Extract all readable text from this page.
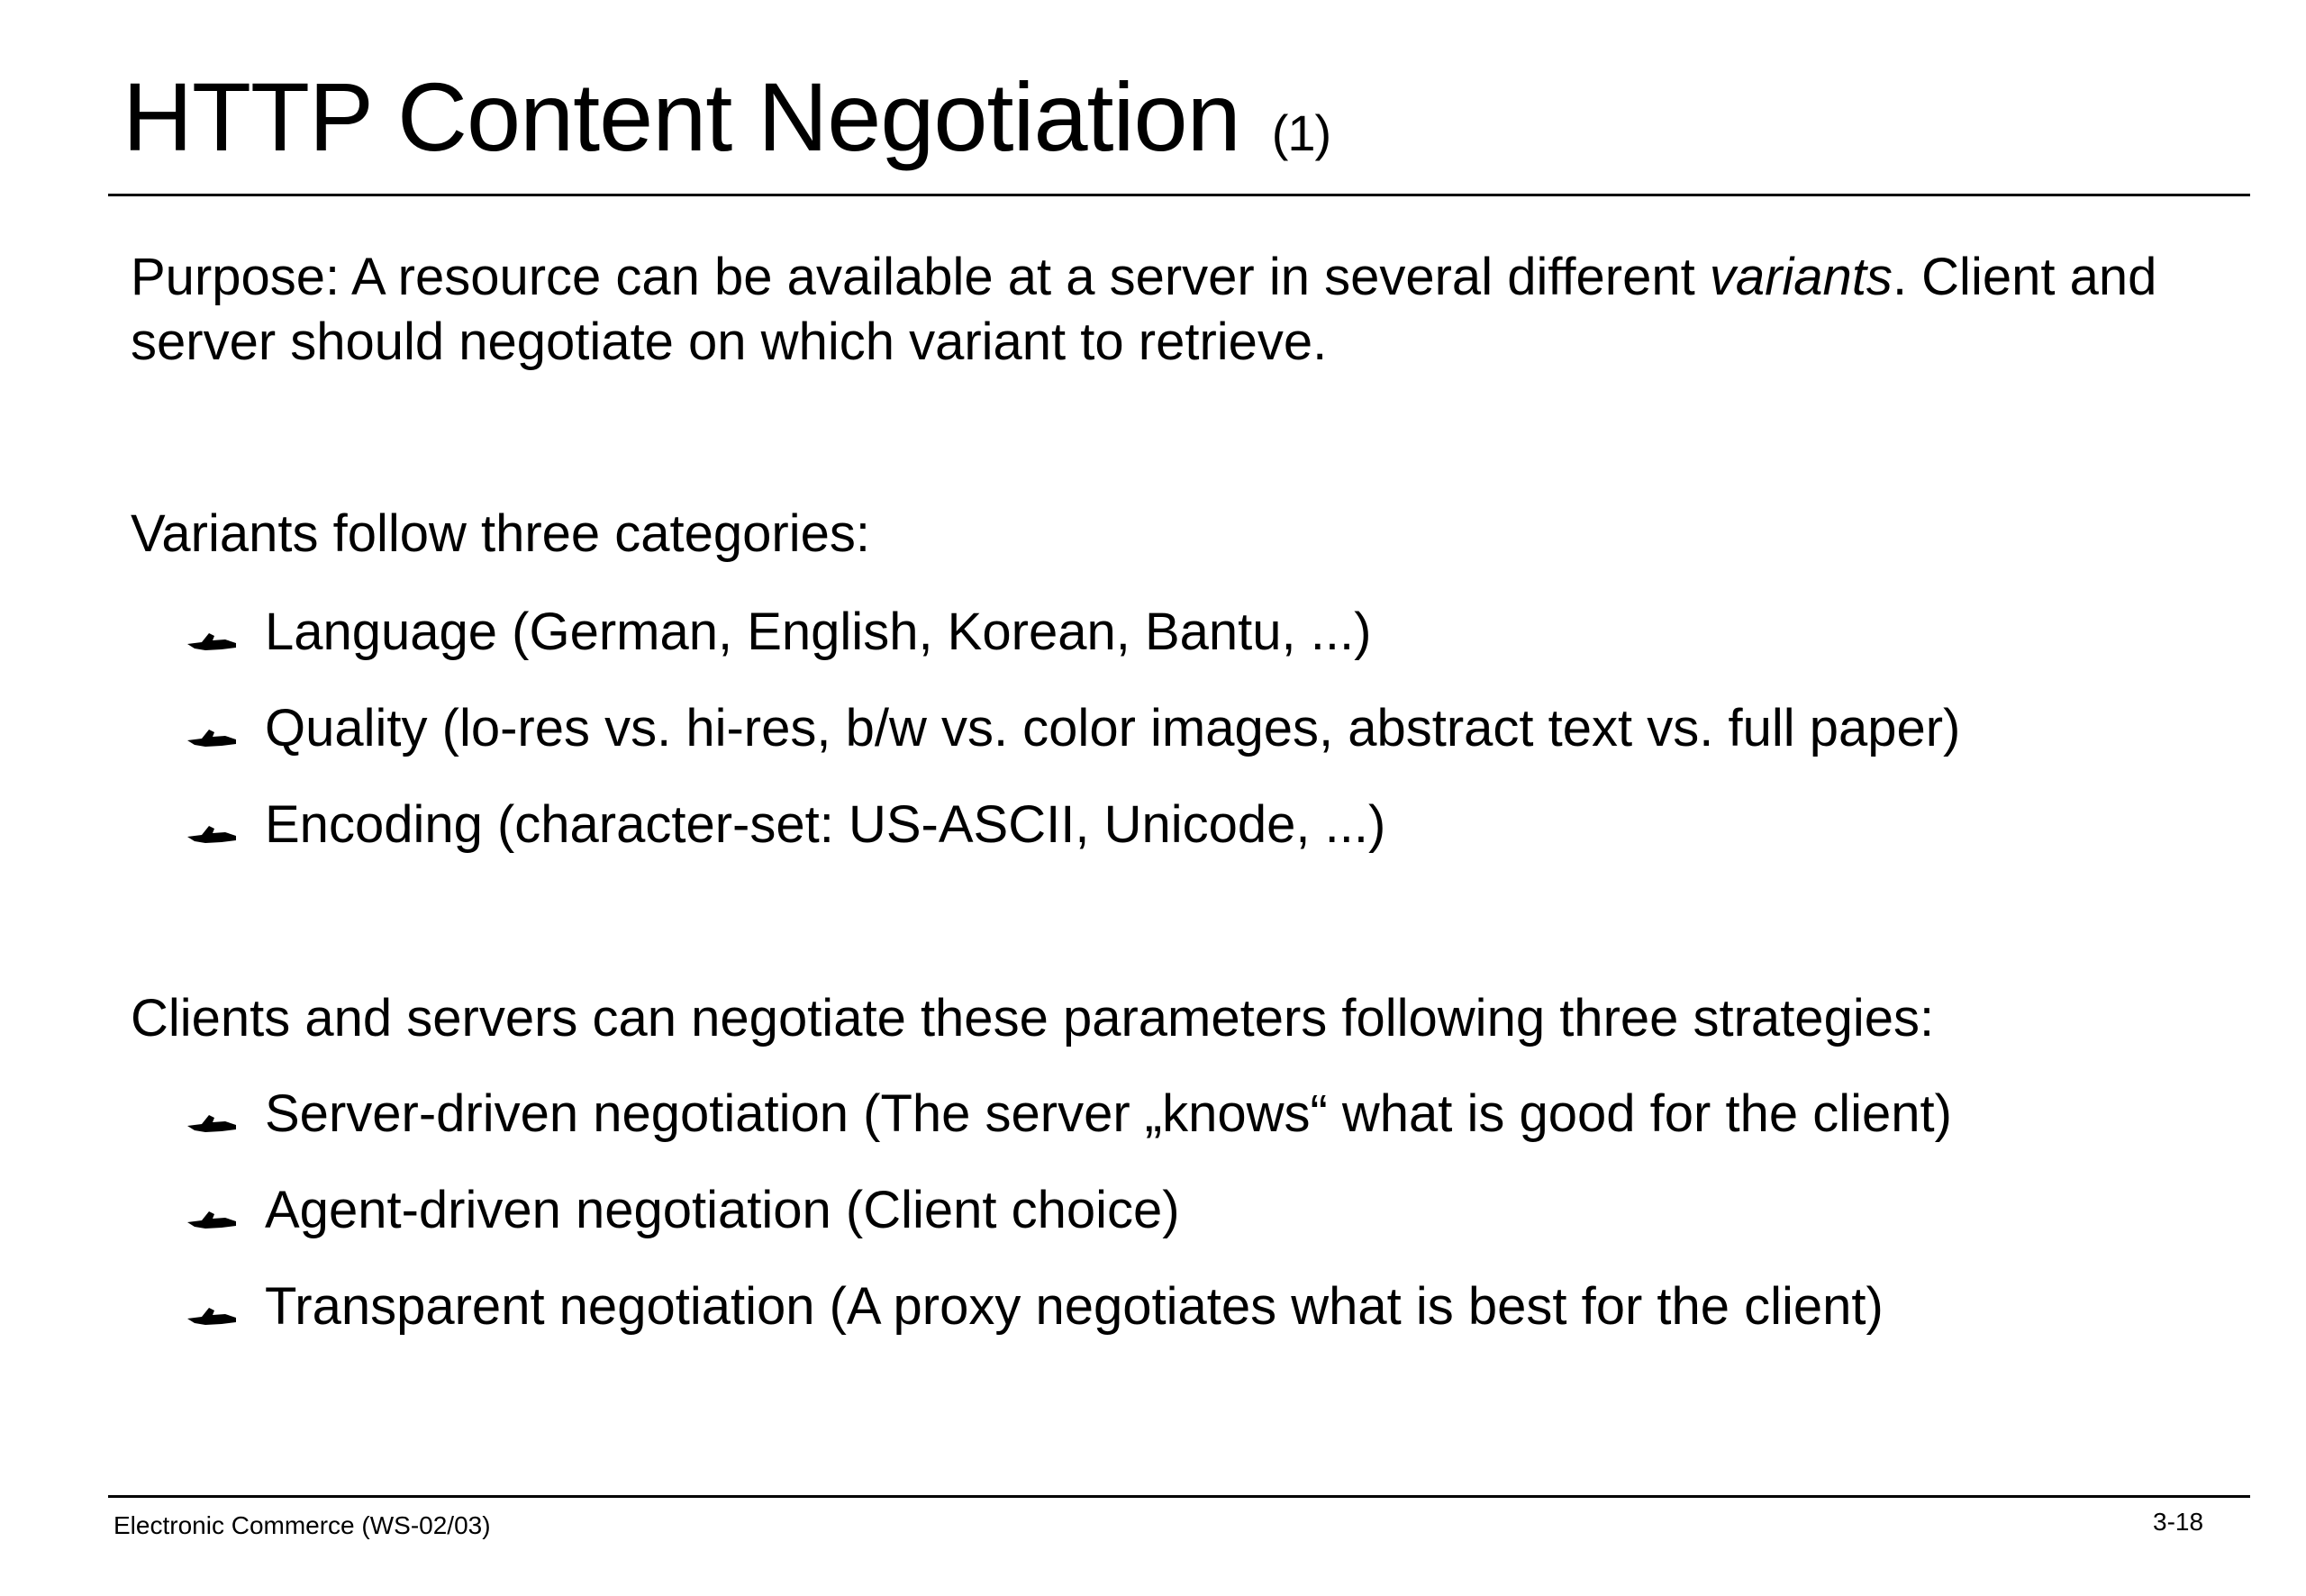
HTTP Content Negotiation (1)
Purpose: A resource can be available at a server in several different variants. Client and
server should negotiate on which variant to retrieve.
Variants follow three categories:
Language (German, English, Korean, Bantu, ...)
Quality (lo-res vs. hi-res, b/w vs. color images, abstract text vs. full paper)
Encoding (character-set: US-ASCII, Unicode, ...)
Clients and servers can negotiate these parameters following three strategies:
Server-driven negotiation (The server „knows“ what is good for the client)
Agent-driven negotiation (Client choice)
Transparent negotiation (A proxy negotiates what is best for the client)
Electronic Commerce (WS-02/03)	3-18
